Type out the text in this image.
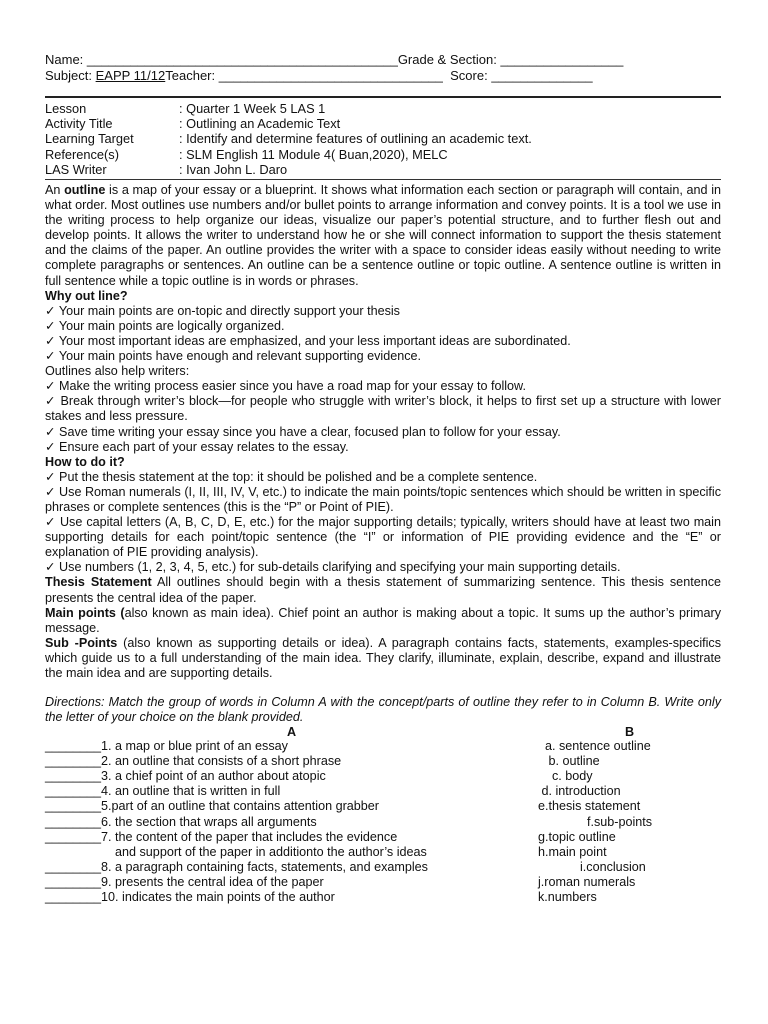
Name: ___________________________________________Grade & Section: _________________
Subject: EAPP 11/12Teacher: _______________________________ Score: ______________
Lesson	: Quarter 1 Week 5 LAS 1
Activity Title	: Outlining an Academic Text
Learning Target	: Identify and determine features of outlining an academic text.
Reference(s)	: SLM English 11 Module 4( Buan,2020), MELC
LAS Writer	: Ivan John L. Daro
An outline is a map of your essay or a blueprint. It shows what information each section or paragraph will contain, and in what order. Most outlines use numbers and/or bullet points to arrange information and convey points. It is a tool we use in the writing process to help organize our ideas, visualize our paper’s potential structure, and to further flesh out and develop points. It allows the writer to understand how he or she will connect information to support the thesis statement and the claims of the paper. An outline provides the writer with a space to consider ideas easily without needing to write complete paragraphs or sentences. An outline can be a sentence outline or topic outline. A sentence outline is written in full sentence while a topic outline is in words or phrases.
Why out line?
✓ Your main points are on-topic and directly support your thesis
✓ Your main points are logically organized.
✓ Your most important ideas are emphasized, and your less important ideas are subordinated.
✓ Your main points have enough and relevant supporting evidence.
Outlines also help writers:
✓ Make the writing process easier since you have a road map for your essay to follow.
✓ Break through writer’s block—for people who struggle with writer’s block, it helps to first set up a structure with lower stakes and less pressure.
✓ Save time writing your essay since you have a clear, focused plan to follow for your essay.
✓ Ensure each part of your essay relates to the essay.
How to do it?
✓ Put the thesis statement at the top: it should be polished and be a complete sentence.
✓ Use Roman numerals (I, II, III, IV, V, etc.) to indicate the main points/topic sentences which should be written in specific phrases or complete sentences (this is the “P” or Point of PIE).
✓ Use capital letters (A, B, C, D, E, etc.) for the major supporting details; typically, writers should have at least two main supporting details for each point/topic sentence (the “I” or information of PIE providing evidence and the “E” or explanation of PIE providing analysis).
✓ Use numbers (1, 2, 3, 4, 5, etc.) for sub-details clarifying and specifying your main supporting details.
Thesis Statement All outlines should begin with a thesis statement of summarizing sentence. This thesis sentence presents the central idea of the paper.
Main points (also known as main idea). Chief point an author is making about a topic. It sums up the author’s primary message.
Sub -Points (also known as supporting details or idea). A paragraph contains facts, statements, examples-specifics which guide us to a full understanding of the main idea. They clarify, illuminate, explain, describe, expand and illustrate the main idea and are supporting details.
Directions: Match the group of words in Column A with the concept/parts of outline they refer to in Column B. Write only the letter of your choice on the blank provided.
A	B
________1. a map or blue print of an essay	a. sentence outline
________2. an outline that consists of a short phrase	b. outline
________3. a chief point of an author about atopic	c. body
________4. an outline that is written in full	d. introduction
________5.part of an outline that contains attention grabber	e.thesis statement
________6. the section that wraps all arguments	f.sub-points
________7. the content of the paper that includes the evidence	g.topic outline
and support of the paper in additionto the author’s ideas	h.main point
________8. a paragraph containing facts, statements, and examples	i.conclusion
________9. presents the central idea of the paper	j.roman numerals
________10. indicates the main points of the author	k.numbers
